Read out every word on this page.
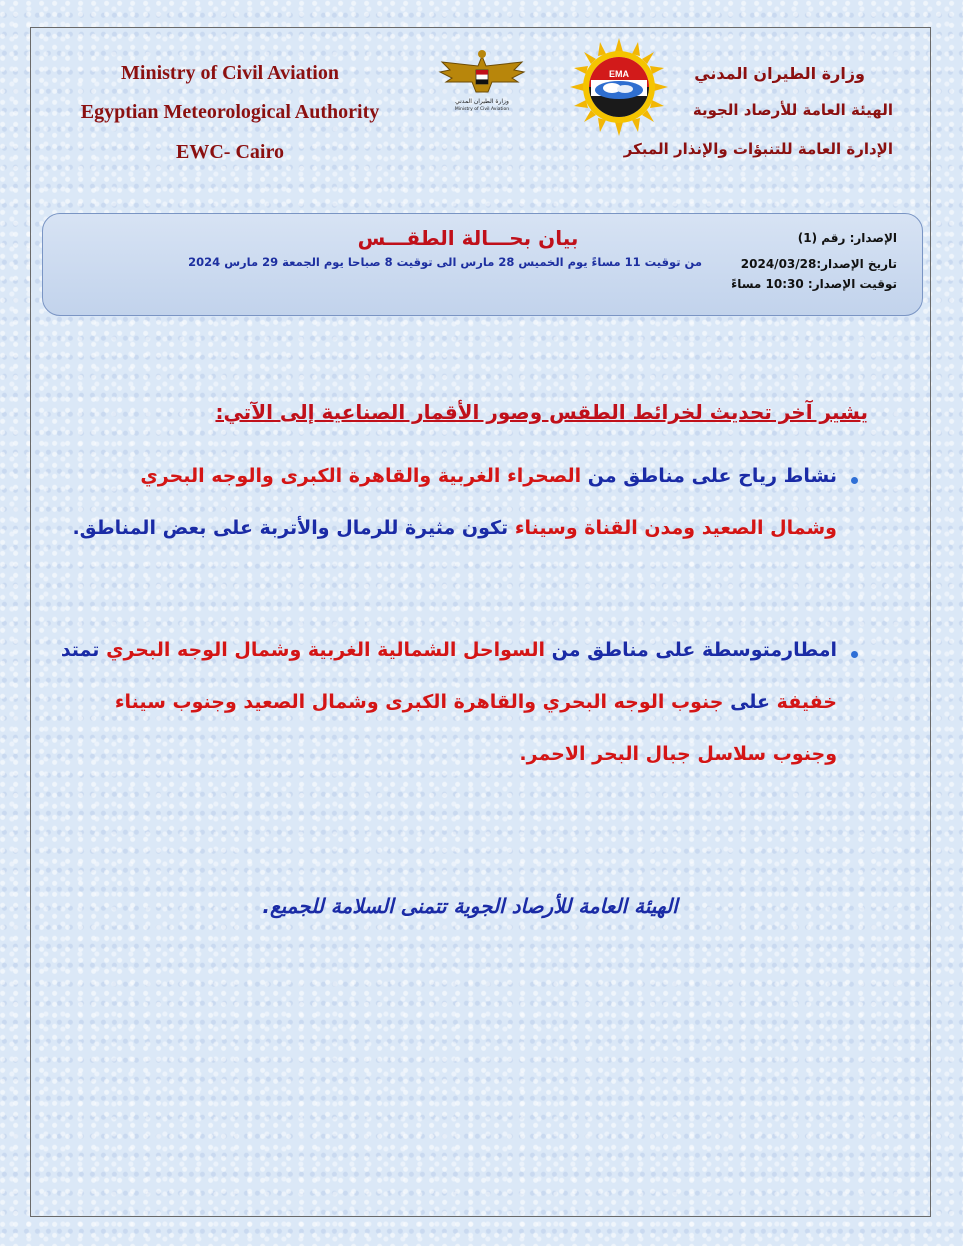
Ministry of Civil Aviation
Egyptian Meteorological Authority
EWC- Cairo
وزارة الطيران المدني
Ministry of Civil Aviation
EMA	وزارة الطيران المدني
الهيئة العامة للأرصاد الجوية
الإدارة العامة للتنبؤات والإنذار المبكر
بيان بحـــالة الطقـــس
من توقيت 11 مساءً يوم الخميس 28 مارس الى توقيت 8 صباحا يوم الجمعة 29 مارس 2024
الإصدار: رقم (1)
تاريخ الإصدار:2024/03/28
توقيت الإصدار: 10:30 مساءً
يشير آخر تحديث لخرائط الطقس وصور الأقمار الصناعية إلى الآتي:
نشاط رياح على مناطق من الصحراء الغربية والقاهرة الكبرى والوجه البحري
وشمال الصعيد ومدن القناة وسيناء تكون مثيرة للرمال والأتربة على بعض المناطق.
امطارمتوسطة على مناطق من السواحل الشمالية الغربية وشمال الوجه البحري تمتد
خفيفة على جنوب الوجه البحري والقاهرة الكبرى وشمال الصعيد وجنوب سيناء
وجنوب سلاسل جبال البحر الاحمر.
الهيئة العامة للأرصاد الجوية تتمنى السلامة للجميع.
